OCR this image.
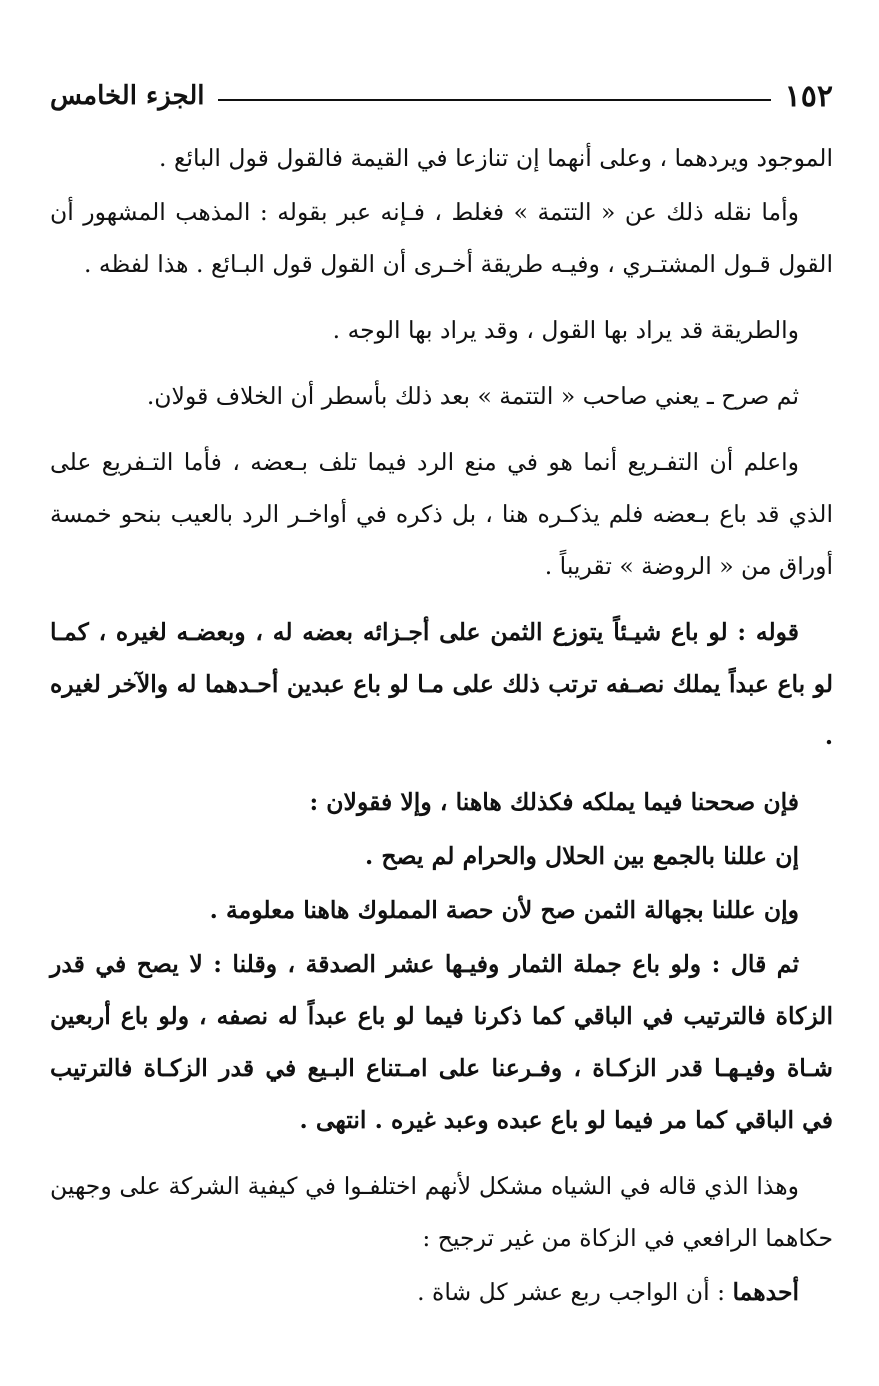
١٥٢
الجزء الخامس

الموجود ويردهما ، وعلى أنهما إن تنازعا في القيمة فالقول قول البائع .

وأما نقله ذلك عن « التتمة » فغلط ، فـإنه عبر بقوله : المذهب المشهور أن القول قـول المشتـري ، وفيـه طريقة أخـرى أن القول قول البـائع . هذا لفظه .

والطريقة قد يراد بها القول ، وقد يراد بها الوجه .

ثم صرح ـ يعني صاحب « التتمة » بعد ذلك بأسطر أن الخلاف قولان.

واعلم أن التفـريع أنما هو في منع الرد فيما تلف بـعضه ، فأما التـفريع على الذي قد باع بـعضه فلم يذكـره هنا ، بل ذكره في أواخـر الرد بالعيب بنحو خمسة أوراق من « الروضة » تقريباً .

قوله : لو باع شيـئاً يتوزع الثمن على أجـزائه بعضه له ، وبعضـه لغيره ، كمـا لو باع عبداً يملك نصـفه ترتب ذلك على مـا لو باع عبدين أحـدهما له والآخر لغيره .

فإن صححنا فيما يملكه فكذلك هاهنا ، وإلا فقولان :

إن عللنا بالجمع بين الحلال والحرام لم يصح .

وإن عللنا بجهالة الثمن صح لأن حصة المملوك هاهنا معلومة .

ثم قال : ولو باع جملة الثمار وفيـها عشر الصدقة ، وقلنا : لا يصح في قدر الزكاة فالترتيب في الباقي كما ذكرنا فيما لو باع عبداً له نصفه ، ولو باع أربعين شـاة وفيـهـا قدر الزكـاة ، وفـرعنا على امـتناع البـيع في قدر الزكـاة فالترتيب في الباقي كما مر فيما لو باع عبده وعبد غيره . انتهى .

وهذا الذي قاله في الشياه مشكل لأنهم اختلفـوا في كيفية الشركة على وجهين حكاهما الرافعي في الزكاة من غير ترجيح :

أحدهما : أن الواجب ربع عشر كل شاة .
